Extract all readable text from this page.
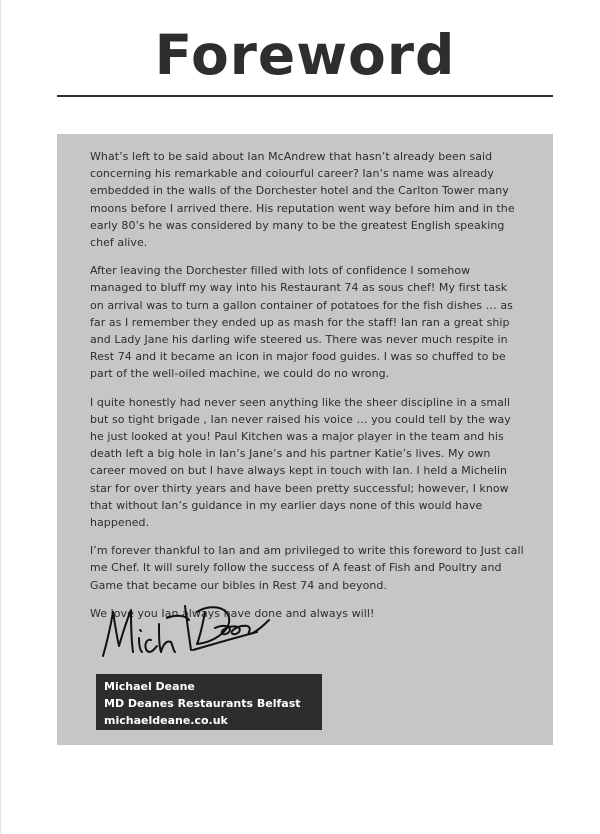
Foreword

What’s left to be said about Ian McAndrew that hasn’t already been said concerning his remarkable and colourful career? Ian’s name was already embedded in the walls of the Dorchester hotel and the Carlton Tower many moons before I arrived there. His reputation went way before him and in the early 80’s he was considered by many to be the greatest English speaking chef alive.

After leaving the Dorchester filled with lots of confidence I somehow managed to bluff my way into his Restaurant 74 as sous chef! My first task on arrival was to turn a gallon container of potatoes for the fish dishes … as far as I remember they ended up as mash for the staff! Ian ran a great ship and Lady Jane his darling wife steered us. There was never much respite in Rest 74 and it became an icon in major food guides. I was so chuffed to be part of the well-oiled machine, we could do no wrong.

I quite honestly had never seen anything like the sheer discipline in a small but so tight brigade , Ian never raised his voice … you could tell by the way he just looked at you! Paul Kitchen was a major player in the team and his death left a big hole in Ian’s Jane’s and his partner Katie’s lives. My own career moved on but I have always kept in touch with Ian. I held a Michelin star for over thirty years and have been pretty successful; however, I know that without Ian’s guidance in my earlier days none of this would have happened.

I’m forever thankful to Ian and am privileged to write this foreword to Just call me Chef. It will surely follow the success of A feast of Fish and Poultry and Game that became our bibles in Rest 74 and beyond.

We love you Ian always have done and always will!

Michael Deane
MD Deanes Restaurants Belfast
michaeldeane.co.uk
